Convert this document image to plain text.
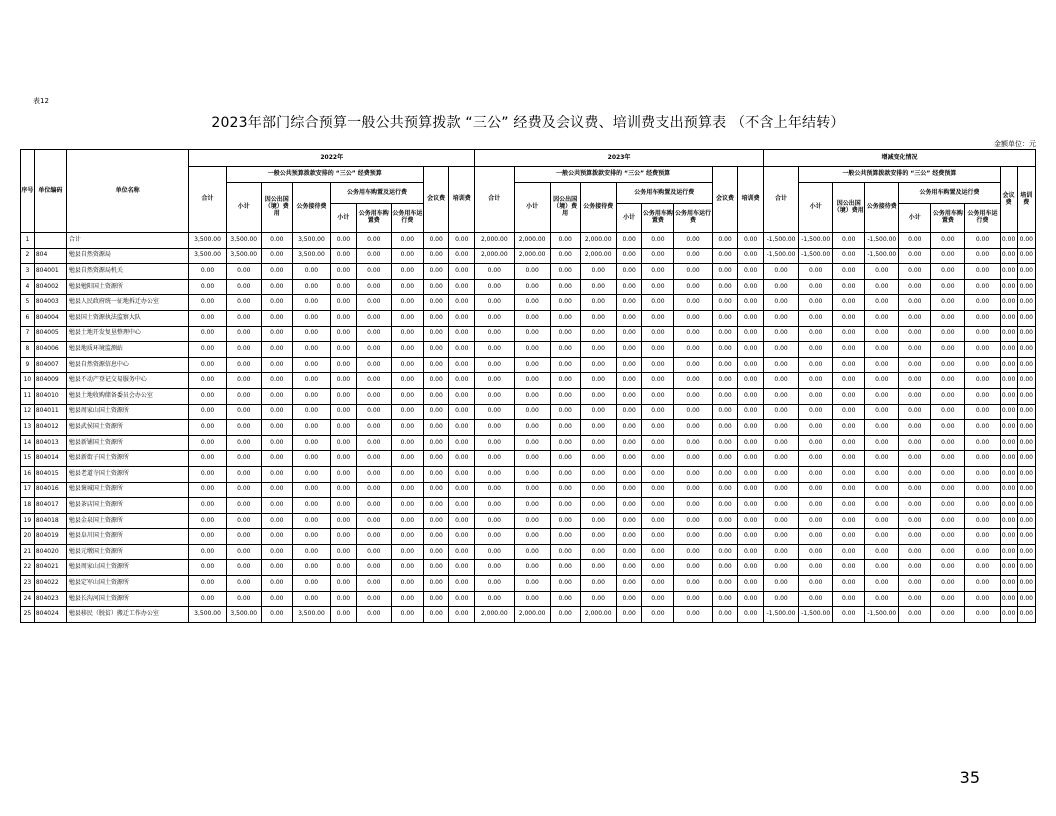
表12
2023年部门综合预算一般公共预算拨款 “三公” 经费及会议费、培训费支出预算表 （不含上年结转）
金额单位：元
序号	单位编码	单位名称	2022年									2023年									增减变化情况								
			合计	一般公共预算拨款安排的 “三公” 经费预算						会议费	培训费	合计	一般公共预算拨款安排的 “三公” 经费预算						会议费	培训费	合计	一般公共预算拨款安排的 “三公” 经费预算						会议费	培训费
				小计	因公出国（境）费用	公务接待费	公务用车购置及运行费						小计	因公出国（境）费用	公务接待费	公务用车购置及运行费						小计	因公出国（境）费用	公务接待费	公务用车购置及运行费				
							小计	公务用车购置费	公务用车运行费							小计	公务用车购置费	公务用车运行费							小计	公务用车购置费	公务用车运行费		
1		合计	3,500.00	3,500.00	0.00	3,500.00	0.00	0.00	0.00	0.00	0.00	2,000.00	2,000.00	0.00	2,000.00	0.00	0.00	0.00	0.00	0.00	-1,500.00	-1,500.00	0.00	-1,500.00	0.00	0.00	0.00	0.00	0.00
2	804	勉县自然资源局	3,500.00	3,500.00	0.00	3,500.00	0.00	0.00	0.00	0.00	0.00	2,000.00	2,000.00	0.00	2,000.00	0.00	0.00	0.00	0.00	0.00	-1,500.00	-1,500.00	0.00	-1,500.00	0.00	0.00	0.00	0.00	0.00
3	804001	勉县自然资源局机关	0.00	0.00	0.00	0.00	0.00	0.00	0.00	0.00	0.00	0.00	0.00	0.00	0.00	0.00	0.00	0.00	0.00	0.00	0.00	0.00	0.00	0.00	0.00	0.00	0.00	0.00	0.00
4	804002	勉县勉阳国土资源所	0.00	0.00	0.00	0.00	0.00	0.00	0.00	0.00	0.00	0.00	0.00	0.00	0.00	0.00	0.00	0.00	0.00	0.00	0.00	0.00	0.00	0.00	0.00	0.00	0.00	0.00	0.00
5	804003	勉县人民政府统一征地拆迁办公室	0.00	0.00	0.00	0.00	0.00	0.00	0.00	0.00	0.00	0.00	0.00	0.00	0.00	0.00	0.00	0.00	0.00	0.00	0.00	0.00	0.00	0.00	0.00	0.00	0.00	0.00	0.00
6	804004	勉县国土资源执法监察大队	0.00	0.00	0.00	0.00	0.00	0.00	0.00	0.00	0.00	0.00	0.00	0.00	0.00	0.00	0.00	0.00	0.00	0.00	0.00	0.00	0.00	0.00	0.00	0.00	0.00	0.00	0.00
7	804005	勉县土地开发复垦整理中心	0.00	0.00	0.00	0.00	0.00	0.00	0.00	0.00	0.00	0.00	0.00	0.00	0.00	0.00	0.00	0.00	0.00	0.00	0.00	0.00	0.00	0.00	0.00	0.00	0.00	0.00	0.00
8	804006	勉县地质环境监测站	0.00	0.00	0.00	0.00	0.00	0.00	0.00	0.00	0.00	0.00	0.00	0.00	0.00	0.00	0.00	0.00	0.00	0.00	0.00	0.00	0.00	0.00	0.00	0.00	0.00	0.00	0.00
9	804007	勉县自然资源信息中心	0.00	0.00	0.00	0.00	0.00	0.00	0.00	0.00	0.00	0.00	0.00	0.00	0.00	0.00	0.00	0.00	0.00	0.00	0.00	0.00	0.00	0.00	0.00	0.00	0.00	0.00	0.00
10	804009	勉县不动产登记交易服务中心	0.00	0.00	0.00	0.00	0.00	0.00	0.00	0.00	0.00	0.00	0.00	0.00	0.00	0.00	0.00	0.00	0.00	0.00	0.00	0.00	0.00	0.00	0.00	0.00	0.00	0.00	0.00
11	804010	勉县土地收购储备委员会办公室	0.00	0.00	0.00	0.00	0.00	0.00	0.00	0.00	0.00	0.00	0.00	0.00	0.00	0.00	0.00	0.00	0.00	0.00	0.00	0.00	0.00	0.00	0.00	0.00	0.00	0.00	0.00
12	804011	勉县周家山国土资源所	0.00	0.00	0.00	0.00	0.00	0.00	0.00	0.00	0.00	0.00	0.00	0.00	0.00	0.00	0.00	0.00	0.00	0.00	0.00	0.00	0.00	0.00	0.00	0.00	0.00	0.00	0.00
13	804012	勉县武侯国土资源所	0.00	0.00	0.00	0.00	0.00	0.00	0.00	0.00	0.00	0.00	0.00	0.00	0.00	0.00	0.00	0.00	0.00	0.00	0.00	0.00	0.00	0.00	0.00	0.00	0.00	0.00	0.00
14	804013	勉县新铺国土资源所	0.00	0.00	0.00	0.00	0.00	0.00	0.00	0.00	0.00	0.00	0.00	0.00	0.00	0.00	0.00	0.00	0.00	0.00	0.00	0.00	0.00	0.00	0.00	0.00	0.00	0.00	0.00
15	804014	勉县新街子国土资源所	0.00	0.00	0.00	0.00	0.00	0.00	0.00	0.00	0.00	0.00	0.00	0.00	0.00	0.00	0.00	0.00	0.00	0.00	0.00	0.00	0.00	0.00	0.00	0.00	0.00	0.00	0.00
16	804015	勉县老道寺国土资源所	0.00	0.00	0.00	0.00	0.00	0.00	0.00	0.00	0.00	0.00	0.00	0.00	0.00	0.00	0.00	0.00	0.00	0.00	0.00	0.00	0.00	0.00	0.00	0.00	0.00	0.00	0.00
17	804016	勉县褒城国土资源所	0.00	0.00	0.00	0.00	0.00	0.00	0.00	0.00	0.00	0.00	0.00	0.00	0.00	0.00	0.00	0.00	0.00	0.00	0.00	0.00	0.00	0.00	0.00	0.00	0.00	0.00	0.00
18	804017	勉县茶店国土资源所	0.00	0.00	0.00	0.00	0.00	0.00	0.00	0.00	0.00	0.00	0.00	0.00	0.00	0.00	0.00	0.00	0.00	0.00	0.00	0.00	0.00	0.00	0.00	0.00	0.00	0.00	0.00
19	804018	勉县金泉国土资源所	0.00	0.00	0.00	0.00	0.00	0.00	0.00	0.00	0.00	0.00	0.00	0.00	0.00	0.00	0.00	0.00	0.00	0.00	0.00	0.00	0.00	0.00	0.00	0.00	0.00	0.00	0.00
20	804019	勉县阜川国土资源所	0.00	0.00	0.00	0.00	0.00	0.00	0.00	0.00	0.00	0.00	0.00	0.00	0.00	0.00	0.00	0.00	0.00	0.00	0.00	0.00	0.00	0.00	0.00	0.00	0.00	0.00	0.00
21	804020	勉县元墩国土资源所	0.00	0.00	0.00	0.00	0.00	0.00	0.00	0.00	0.00	0.00	0.00	0.00	0.00	0.00	0.00	0.00	0.00	0.00	0.00	0.00	0.00	0.00	0.00	0.00	0.00	0.00	0.00
22	804021	勉县周家山国土资源所	0.00	0.00	0.00	0.00	0.00	0.00	0.00	0.00	0.00	0.00	0.00	0.00	0.00	0.00	0.00	0.00	0.00	0.00	0.00	0.00	0.00	0.00	0.00	0.00	0.00	0.00	0.00
23	804022	勉县定军山国土资源所	0.00	0.00	0.00	0.00	0.00	0.00	0.00	0.00	0.00	0.00	0.00	0.00	0.00	0.00	0.00	0.00	0.00	0.00	0.00	0.00	0.00	0.00	0.00	0.00	0.00	0.00	0.00
24	804023	勉县长沟河国土资源所	0.00	0.00	0.00	0.00	0.00	0.00	0.00	0.00	0.00	0.00	0.00	0.00	0.00	0.00	0.00	0.00	0.00	0.00	0.00	0.00	0.00	0.00	0.00	0.00	0.00	0.00	0.00
25	804024	勉县移民（脱贫）搬迁工作办公室	3,500.00	3,500.00	0.00	3,500.00	0.00	0.00	0.00	0.00	0.00	2,000.00	2,000.00	0.00	2,000.00	0.00	0.00	0.00	0.00	0.00	-1,500.00	-1,500.00	0.00	-1,500.00	0.00	0.00	0.00	0.00	0.00
35
